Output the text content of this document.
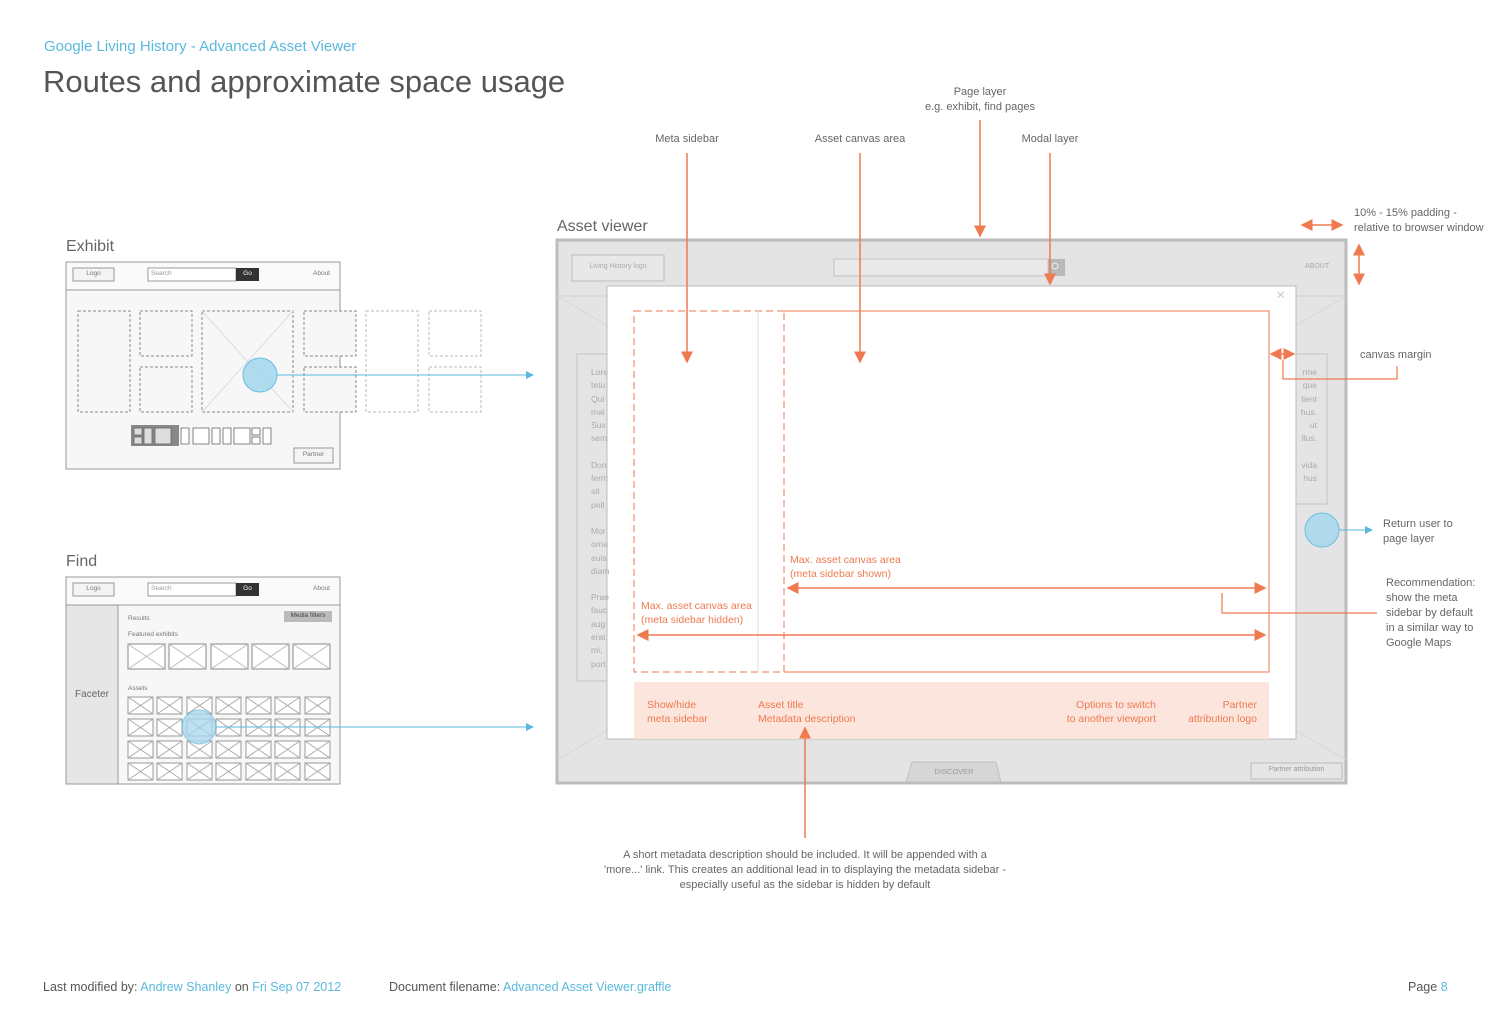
Google Living History - Advanced Asset Viewer
Routes and approximate space usage
Exhibit
Find
Asset viewer
Logo	Search	Go	About
Partner
Logo	Search	Go	About
Faceter
Results	Media filters
Featured exhibits
Assets
Living History logo	ABOUT
DISCOVER	Partner attribution
×
Lore
tetu
Qui
mal
Sus
sem
Don
ferm
sit
pell
Mor
orna
euis
diam
Prae
fauc
aug
erat
mi,
port
rme
que
lient
hus.
ut
llus.
vida
hus
Page layer
e.g. exhibit, find pages
Meta sidebar	Asset canvas area	Modal layer
10% - 15% padding -
relative to browser window
canvas margin
Return user to
page layer
Recommendation:
show the meta
sidebar by default
in a similar way to
Google Maps
Max. asset canvas area
(meta sidebar shown)
Max. asset canvas area
(meta sidebar hidden)
Show/hide
meta sidebar
Asset title
Metadata description
Options to switch
to another viewport
Partner
attribution logo
A short metadata description should be included. It will be appended with a
'more...' link. This creates an additional lead in to displaying the metadata sidebar -
especially useful as the sidebar is hidden by default
Last modified by: Andrew Shanley on Fri Sep 07 2012	Document filename: Advanced Asset Viewer.graffle	Page 8
